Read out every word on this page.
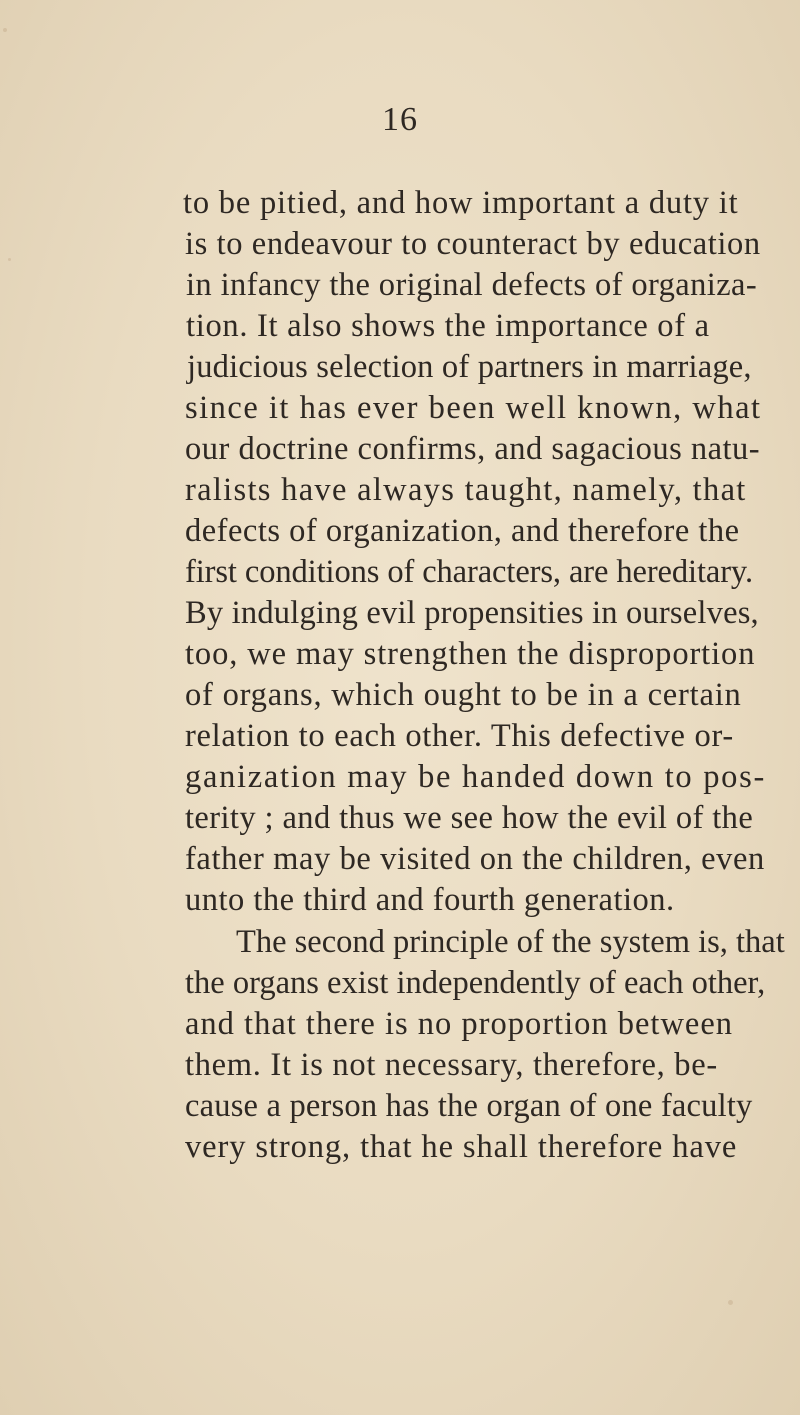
16
to be pitied, and how important a duty it
is to endeavour to counteract by education
in infancy the original defects of organiza-
tion. It also shows the importance of a
judicious selection of partners in marriage,
since it has ever been well known, what
our doctrine confirms, and sagacious natu-
ralists have always taught, namely, that
defects of organization, and therefore the
first conditions of characters, are hereditary.
By indulging evil propensities in ourselves,
too, we may strengthen the disproportion
of organs, which ought to be in a certain
relation to each other. This defective or-
ganization may be handed down to pos-
terity ; and thus we see how the evil of the
father may be visited on the children, even
unto the third and fourth generation.
The second principle of the system is, that
the organs exist independently of each other,
and that there is no proportion between
them. It is not necessary, therefore, be-
cause a person has the organ of one faculty
very strong, that he shall therefore have
